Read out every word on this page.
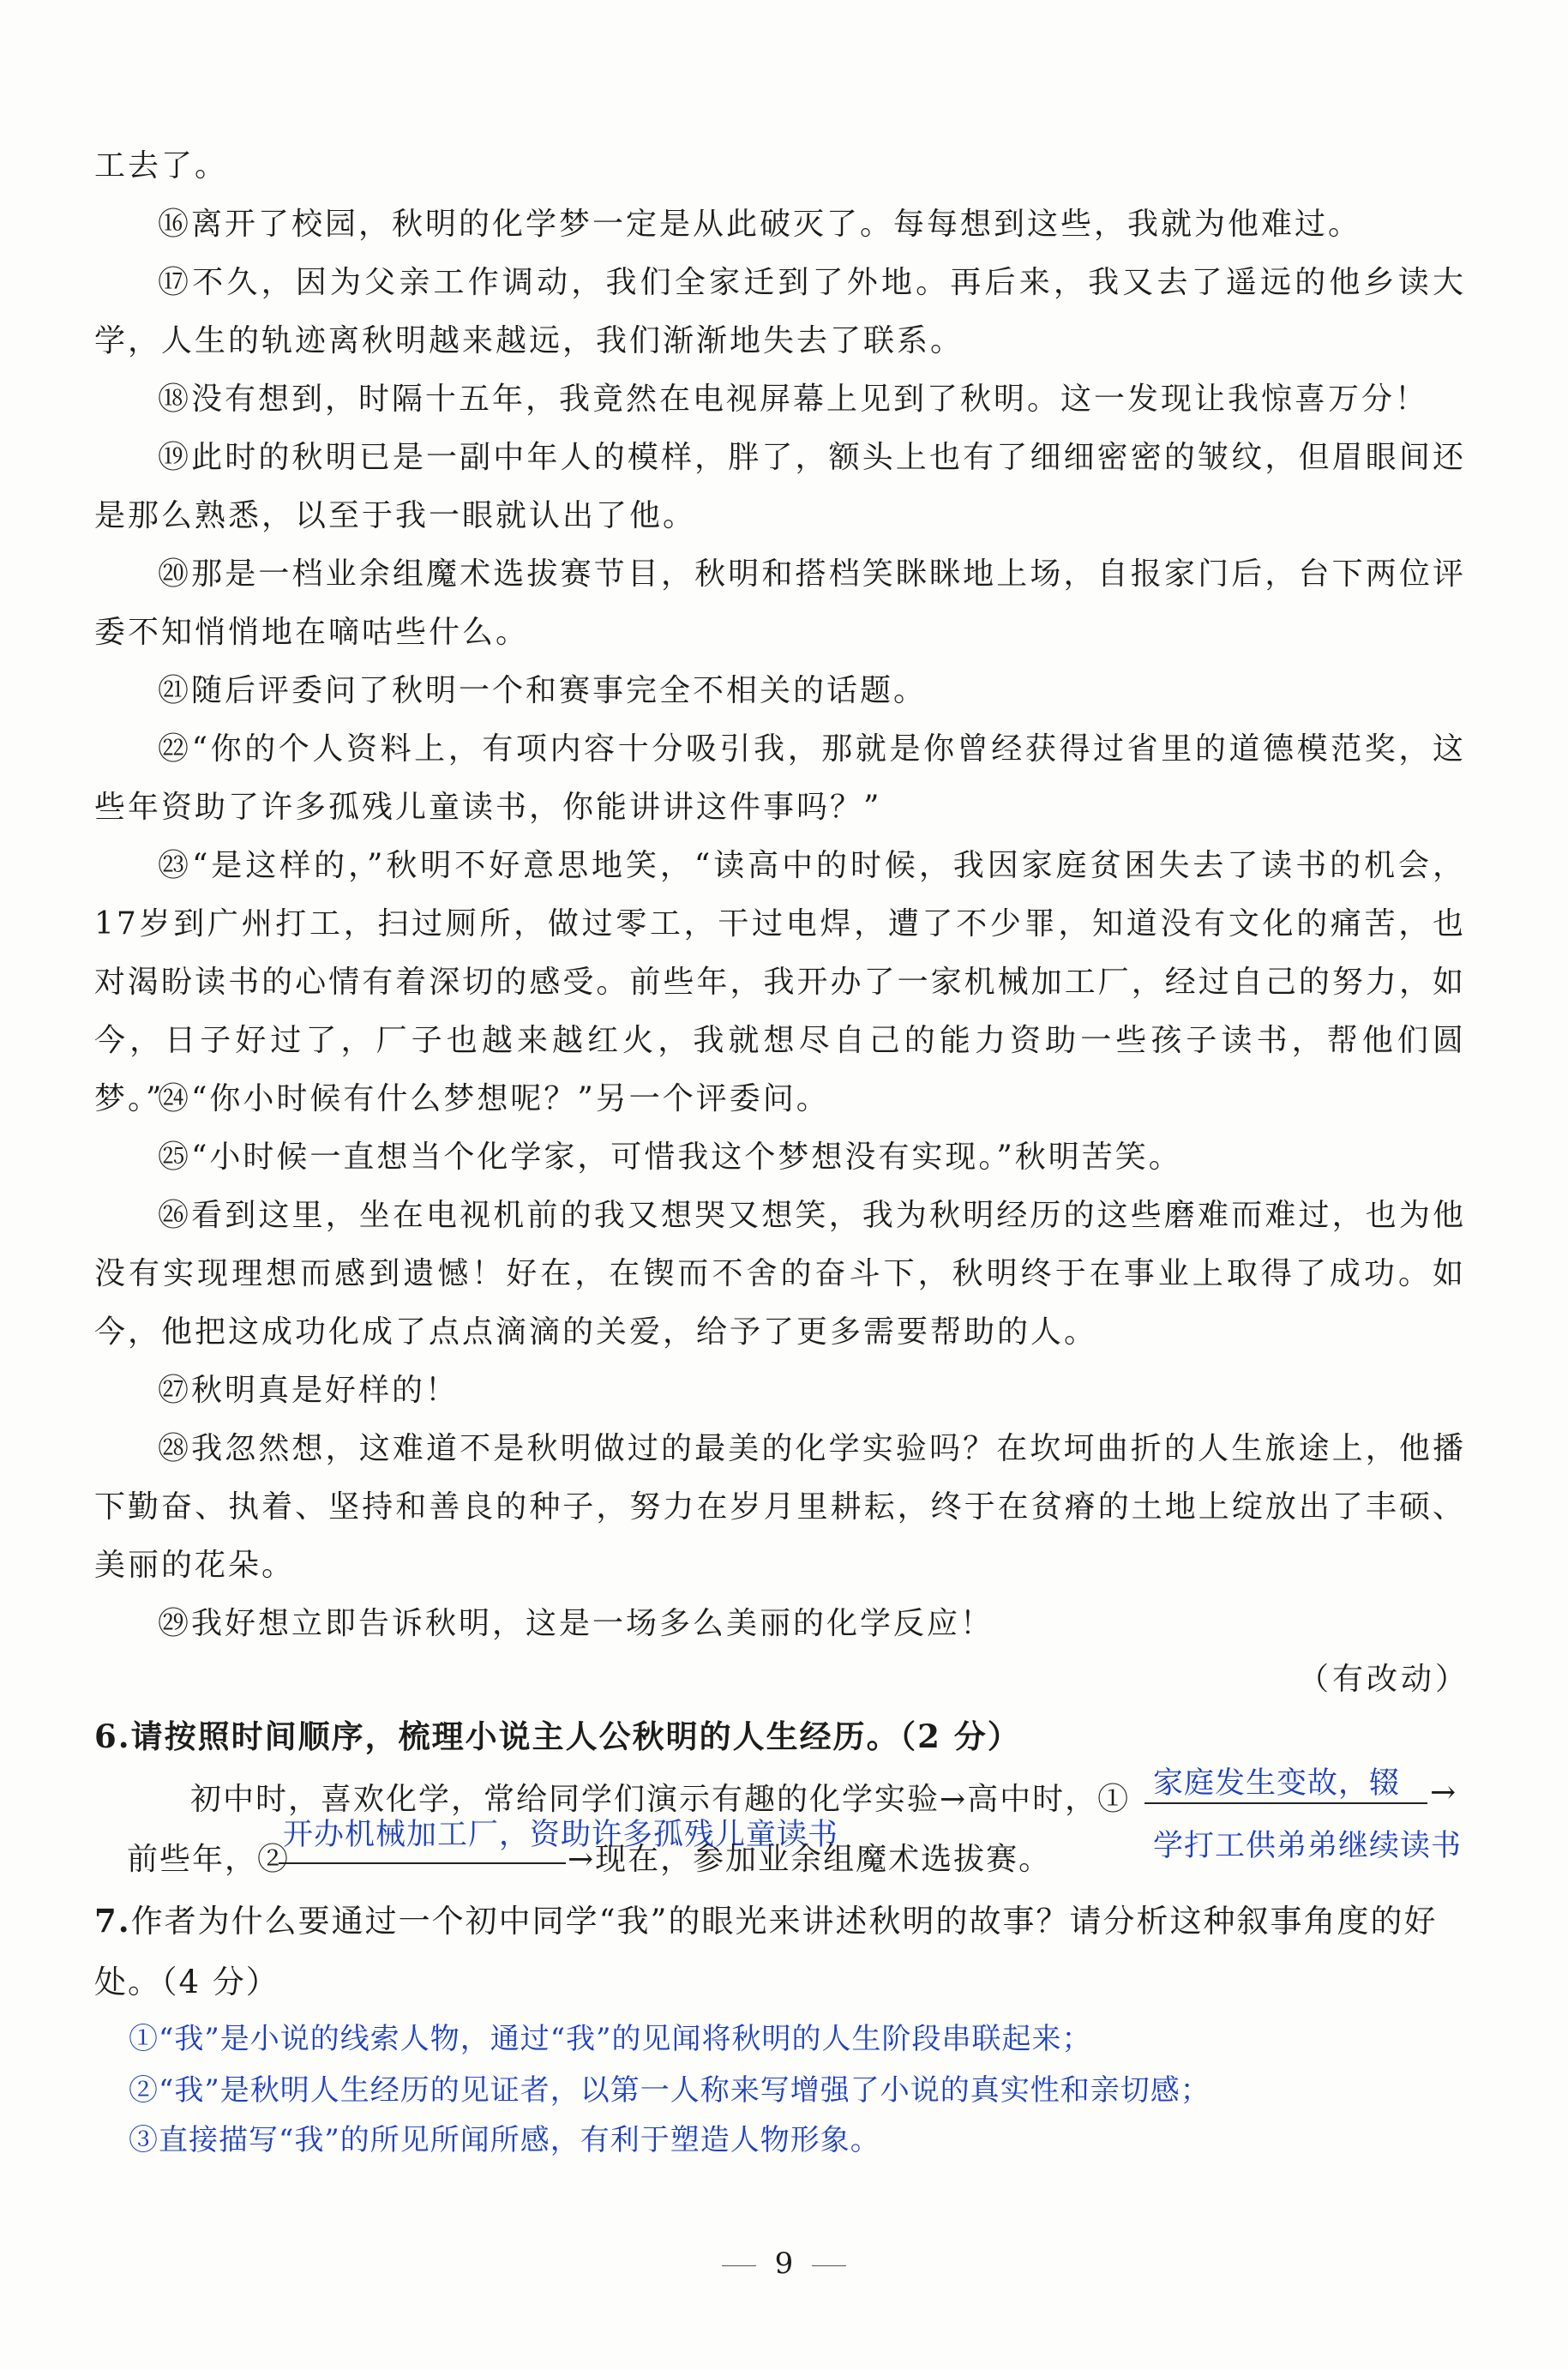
工去了。

⑯离开了校园，秋明的化学梦一定是从此破灭了。每每想到这些，我就为他难过。

⑰不久，因为父亲工作调动，我们全家迁到了外地。再后来，我又去了遥远的他乡读大学，人生的轨迹离秋明越来越远，我们渐渐地失去了联系。

⑱没有想到，时隔十五年，我竟然在电视屏幕上见到了秋明。这一发现让我惊喜万分！

⑲此时的秋明已是一副中年人的模样，胖了，额头上也有了细细密密的皱纹，但眉眼间还是那么熟悉，以至于我一眼就认出了他。

⑳那是一档业余组魔术选拔赛节目，秋明和搭档笑眯眯地上场，自报家门后，台下两位评委不知悄悄地在嘀咕些什么。

㉑随后评委问了秋明一个和赛事完全不相关的话题。

㉒“你的个人资料上，有项内容十分吸引我，那就是你曾经获得过省里的道德模范奖，这些年资助了许多孤残儿童读书，你能讲讲这件事吗？”

㉓“是这样的，”秋明不好意思地笑，“读高中的时候，我因家庭贫困失去了读书的机会，17岁到广州打工，扫过厕所，做过零工，干过电焊，遭了不少罪，知道没有文化的痛苦，也对渴盼读书的心情有着深切的感受。前些年，我开办了一家机械加工厂，经过自己的努力，如今，日子好过了，厂子也越来越红火，我就想尽自己的能力资助一些孩子读书，帮他们圆梦。”

㉔“你小时候有什么梦想呢？”另一个评委问。

㉕“小时候一直想当个化学家，可惜我这个梦想没有实现。”秋明苦笑。

㉖看到这里，坐在电视机前的我又想哭又想笑，我为秋明经历的这些磨难而难过，也为他没有实现理想而感到遗憾！好在，在锲而不舍的奋斗下，秋明终于在事业上取得了成功。如今，他把这成功化成了点点滴滴的关爱，给予了更多需要帮助的人。

㉗秋明真是好样的！

㉘我忽然想，这难道不是秋明做过的最美的化学实验吗？在坎坷曲折的人生旅途上，他播下勤奋、执着、坚持和善良的种子，努力在岁月里耕耘，终于在贫瘠的土地上绽放出了丰硕、美丽的花朵。

㉙我好想立即告诉秋明，这是一场多么美丽的化学反应！

（有改动）

6.请按照时间顺序，梳理小说主人公秋明的人生经历。（2 分）

初中时，喜欢化学，常给同学们演示有趣的化学实验→高中时，① 家庭发生变故，辍 →
前些年，②
开办机械加工厂，资助许多孤残儿童读书
→现在，参加业余组魔术选拔赛。	学打工供弟弟继续读书

7.作者为什么要通过一个初中同学“我”的眼光来讲述秋明的故事？请分析这种叙事角度的好处。（4 分）

①“我”是小说的线索人物，通过“我”的见闻将秋明的人生阶段串联起来；
②“我”是秋明人生经历的见证者，以第一人称来写增强了小说的真实性和亲切感；
③直接描写“我”的所见所闻所感，有利于塑造人物形象。
9
